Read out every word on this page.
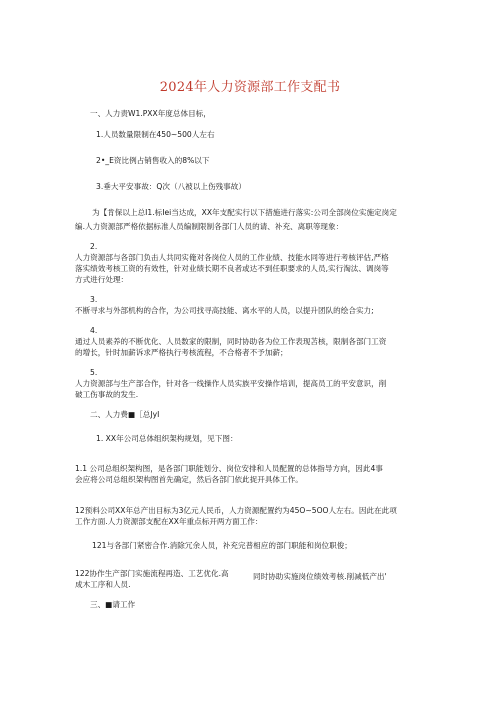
2024年人力资源部工作支配书
一、人力责W1.PXX年度总体目标，
1.人员数量限制在450~500人左右
2•_E资比例占销售收入的8%以下
3.垂大平安事故：Q次（八被以上伤残事故）
为【肯保以上总I1.标Iei当达成，XX年支配实行以下措施进行落实:公司全部岗位实施定岗定
编.人力资源部严格依据标准人员编制限制各部门人员的请、补充、离职等现象：
2.
人力资源部与各部门负击人共同实俺对各岗位人员的工作业绩、技能水同等进行考核评估,严格
落实绩效考核工资的有效性，针对业绩长期不良者或达不到任职要求的人员,实行淘汰、调岗等
方式进行处理：
3.
不断寻求与外部机构的合作，为公司找寻高技能、离水平的人员，以提升团队的绘合实力;
4.
通过人员素养的不断优化、人员数家的限制，同时协助各为位工作表现苫核，限制各部门工资
的增长，针时加薪诉求严格执行考核流程，不合格者不予加薪；
5.
人力资源部与生产部合作，针对各一线操作人员实族平安操作培训，提高员工的平安意识，削
破工伤事故的发生.
二、人力费■［总JyI
1. XX年公司总体组织架构规划，见下图：
1.1 公司总组织架构图，是各部门职能划分、岗位安排和人员配置的总体指导方向，因此4事
会应将公司总组织架构图首先确定，然后各部门依此捉开具体工作。
12预料公司XX年总产出目标为3亿元人民币，人力资源配置约为45O~5OO人左右。因此在此项
工作方面.人力资源部支配在XX年重点标开两方面工作：
121与各部门紧密合作.消除冗余人员，补充完普相应的部门职能和岗位职俊；
122协作生产部门实施流程再造、工艺优化.高
成木工序和人员.
同时协助实施岗位绩效考核.削减低产出'
三、■请工作
